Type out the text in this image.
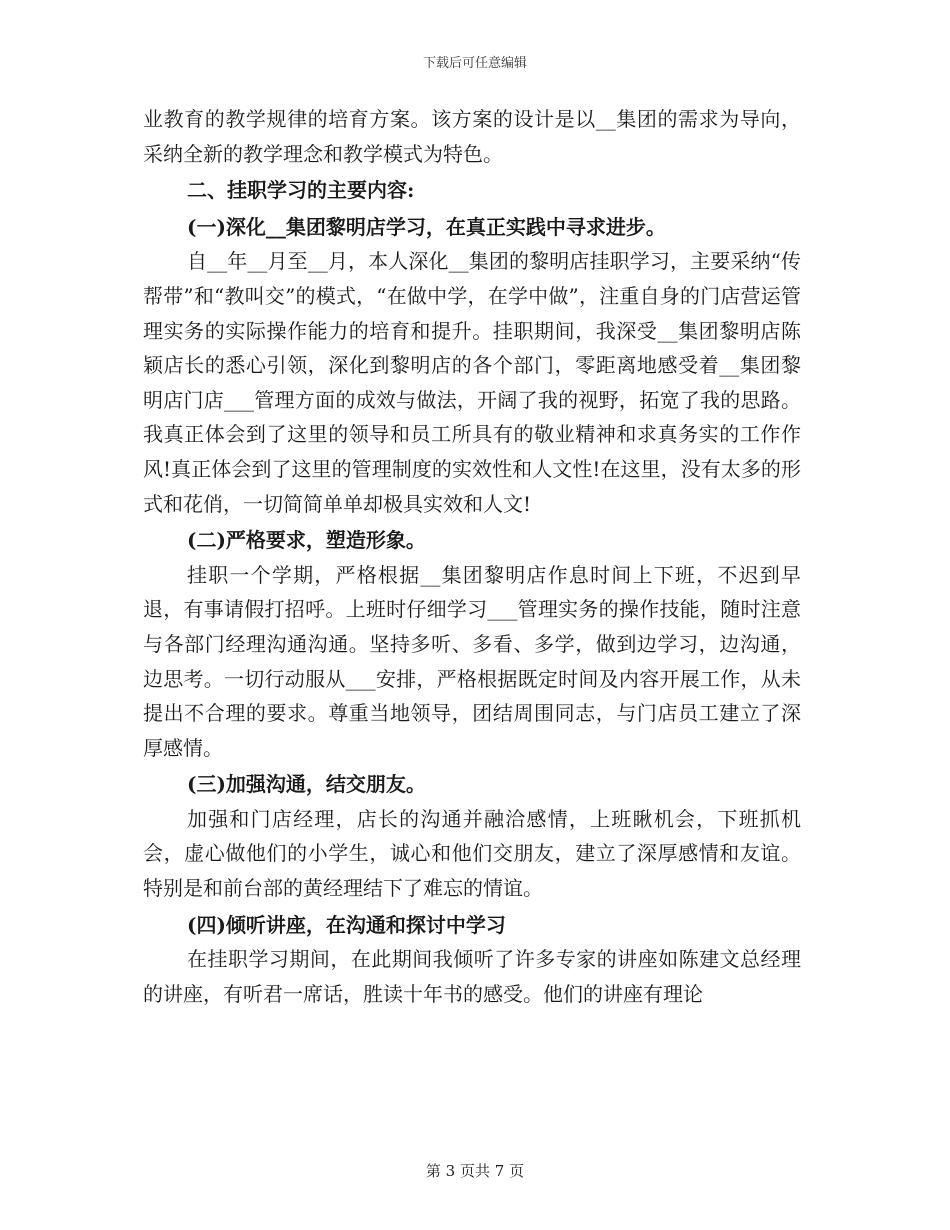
下载后可任意编辑

业教育的教学规律的培育方案。该方案的设计是以__集团的需求为导向，采纳全新的教学理念和教学模式为特色。

二、挂职学习的主要内容:

(一)深化__集团黎明店学习，在真正实践中寻求进步。

自__年__月至__月，本人深化__集团的黎明店挂职学习，主要采纳“传帮带”和“教叫交”的模式，“在做中学，在学中做”，注重自身的门店营运管理实务的实际操作能力的培育和提升。挂职期间，我深受__集团黎明店陈颖店长的悉心引领，深化到黎明店的各个部门，零距离地感受着__集团黎明店门店___管理方面的成效与做法，开阔了我的视野，拓宽了我的思路。我真正体会到了这里的领导和员工所具有的敬业精神和求真务实的工作作风!真正体会到了这里的管理制度的实效性和人文性!在这里，没有太多的形式和花俏，一切简简单单却极具实效和人文!

(二)严格要求，塑造形象。

挂职一个学期，严格根据__集团黎明店作息时间上下班，不迟到早退，有事请假打招呼。上班时仔细学习___管理实务的操作技能，随时注意与各部门经理沟通沟通。坚持多听、多看、多学，做到边学习，边沟通，边思考。一切行动服从___安排，严格根据既定时间及内容开展工作，从未提出不合理的要求。尊重当地领导，团结周围同志，与门店员工建立了深厚感情。

(三)加强沟通，结交朋友。

加强和门店经理，店长的沟通并融洽感情，上班瞅机会，下班抓机会，虚心做他们的小学生，诚心和他们交朋友，建立了深厚感情和友谊。特别是和前台部的黄经理结下了难忘的情谊。

(四)倾听讲座，在沟通和探讨中学习

在挂职学习期间，在此期间我倾听了许多专家的讲座如陈建文总经理的讲座，有听君一席话，胜读十年书的感受。他们的讲座有理论

第 3 页共 7 页
